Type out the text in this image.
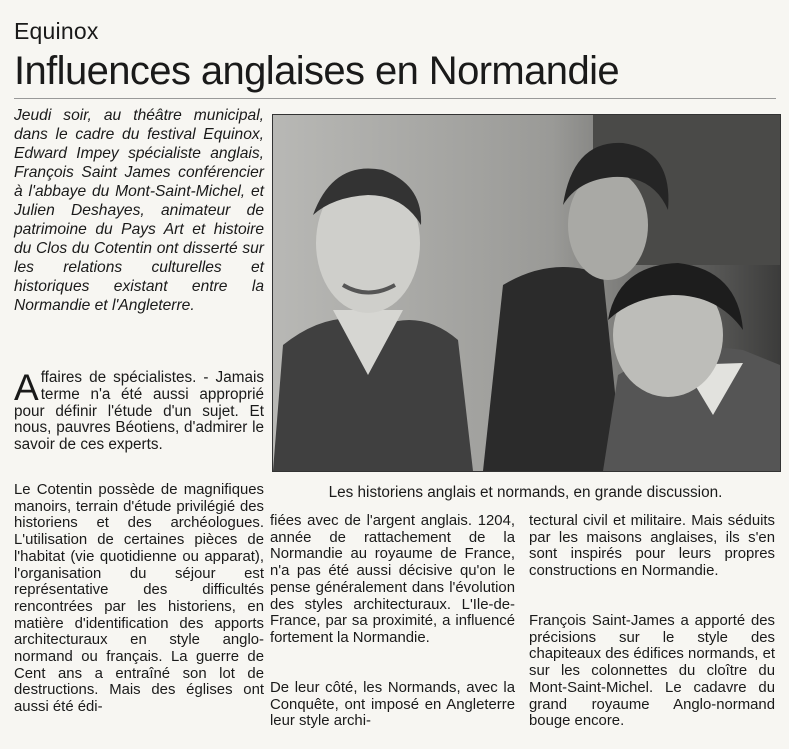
Equinox
Influences anglaises en Normandie

Jeudi soir, au théâtre municipal, dans le cadre du festival Equinox, Edward Impey spécialiste anglais, François Saint James conférencier à l'abbaye du Mont-Saint-Michel, et Julien Deshayes, animateur de patrimoine du Pays Art et histoire du Clos du Cotentin ont disserté sur les relations culturelles et historiques existant entre la Normandie et l'Angleterre.

Affaires de spécialistes. - Jamais terme n'a été aussi approprié pour définir l'étude d'un sujet. Et nous, pauvres Béotiens, d'admirer le savoir de ces experts.

Le Cotentin possède de magnifiques manoirs, terrain d'étude privilégié des historiens et des archéologues. L'utilisation de certaines pièces de l'habitat (vie quotidienne ou apparat), l'organisation du séjour est représentative des difficultés rencontrées par les historiens, en matière d'identification des apports architecturaux en style anglo-normand ou français. La guerre de Cent ans a entraîné son lot de destructions. Mais des églises ont aussi été édi-

fiées avec de l'argent anglais. 1204, année de rattachement de la Normandie au royaume de France, n'a pas été aussi décisive qu'on le pense généralement dans l'évolution des styles architecturaux. L'Ile-de-France, par sa proximité, a influencé fortement la Normandie.

De leur côté, les Normands, avec la Conquête, ont imposé en Angleterre leur style archi-

tectural civil et militaire. Mais séduits par les maisons anglaises, ils s'en sont inspirés pour leurs propres constructions en Normandie.

François Saint-James a apporté des précisions sur le style des chapiteaux des édifices normands, et sur les colonnettes du cloître du Mont-Saint-Michel. Le cadavre du grand royaume Anglo-normand bouge encore.

Les historiens anglais et normands, en grande discussion.
